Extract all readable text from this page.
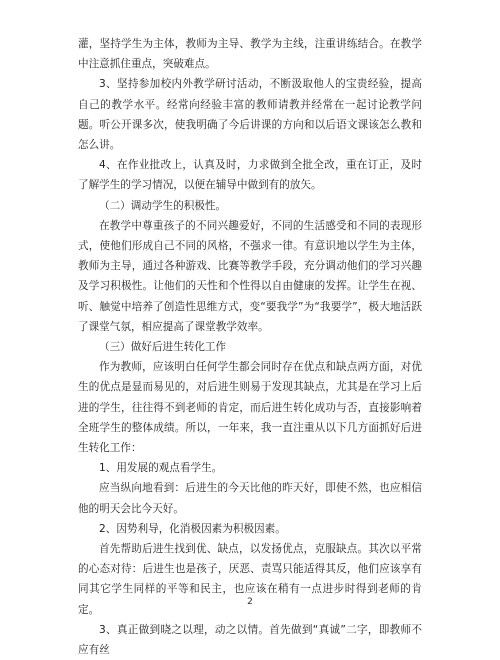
灌，坚持学生为主体，教师为主导、教学为主线，注重讲练结合。在教学中注意抓住重点，突破难点。

3、坚持参加校内外教学研讨活动，不断汲取他人的宝贵经验，提高自己的教学水平。经常向经验丰富的教师请教并经常在一起讨论教学问题。听公开课多次，使我明确了今后讲课的方向和以后语文课该怎么教和怎么讲。

4、在作业批改上，认真及时，力求做到全批全改，重在订正，及时了解学生的学习情况，以便在辅导中做到有的放矢。

（二）调动学生的积极性。

在教学中尊重孩子的不同兴趣爱好，不同的生活感受和不同的表现形式，使他们形成自己不同的风格，不强求一律。有意识地以学生为主体，教师为主导，通过各种游戏、比赛等教学手段，充分调动他们的学习兴趣及学习积极性。让他们的天性和个性得以自由健康的发挥。让学生在视、听、触觉中培养了创造性思维方式，变“要我学”为“我要学”，极大地活跃了课堂气氛，相应提高了课堂教学效率。

（三）做好后进生转化工作

作为教师，应该明白任何学生都会同时存在优点和缺点两方面，对优生的优点是显而易见的，对后进生则易于发现其缺点，尤其是在学习上后进的学生，往往得不到老师的肯定，而后进生转化成功与否，直接影响着全班学生的整体成绩。所以，一年来，我一直注重从以下几方面抓好后进生转化工作：

1、用发展的观点看学生。

应当纵向地看到：后进生的今天比他的昨天好，即使不然，也应相信他的明天会比今天好。

2、因势利导，化消极因素为积极因素。

首先帮助后进生找到优、缺点，以发扬优点，克服缺点。其次以平常的心态对待：后进生也是孩子，厌恶、责骂只能适得其反，他们应该享有同其它学生同样的平等和民主，也应该在稍有一点进步时得到老师的肯定。

3、真正做到晓之以理，动之以情。首先做到“真诚”二字，即教师不应有丝

2
